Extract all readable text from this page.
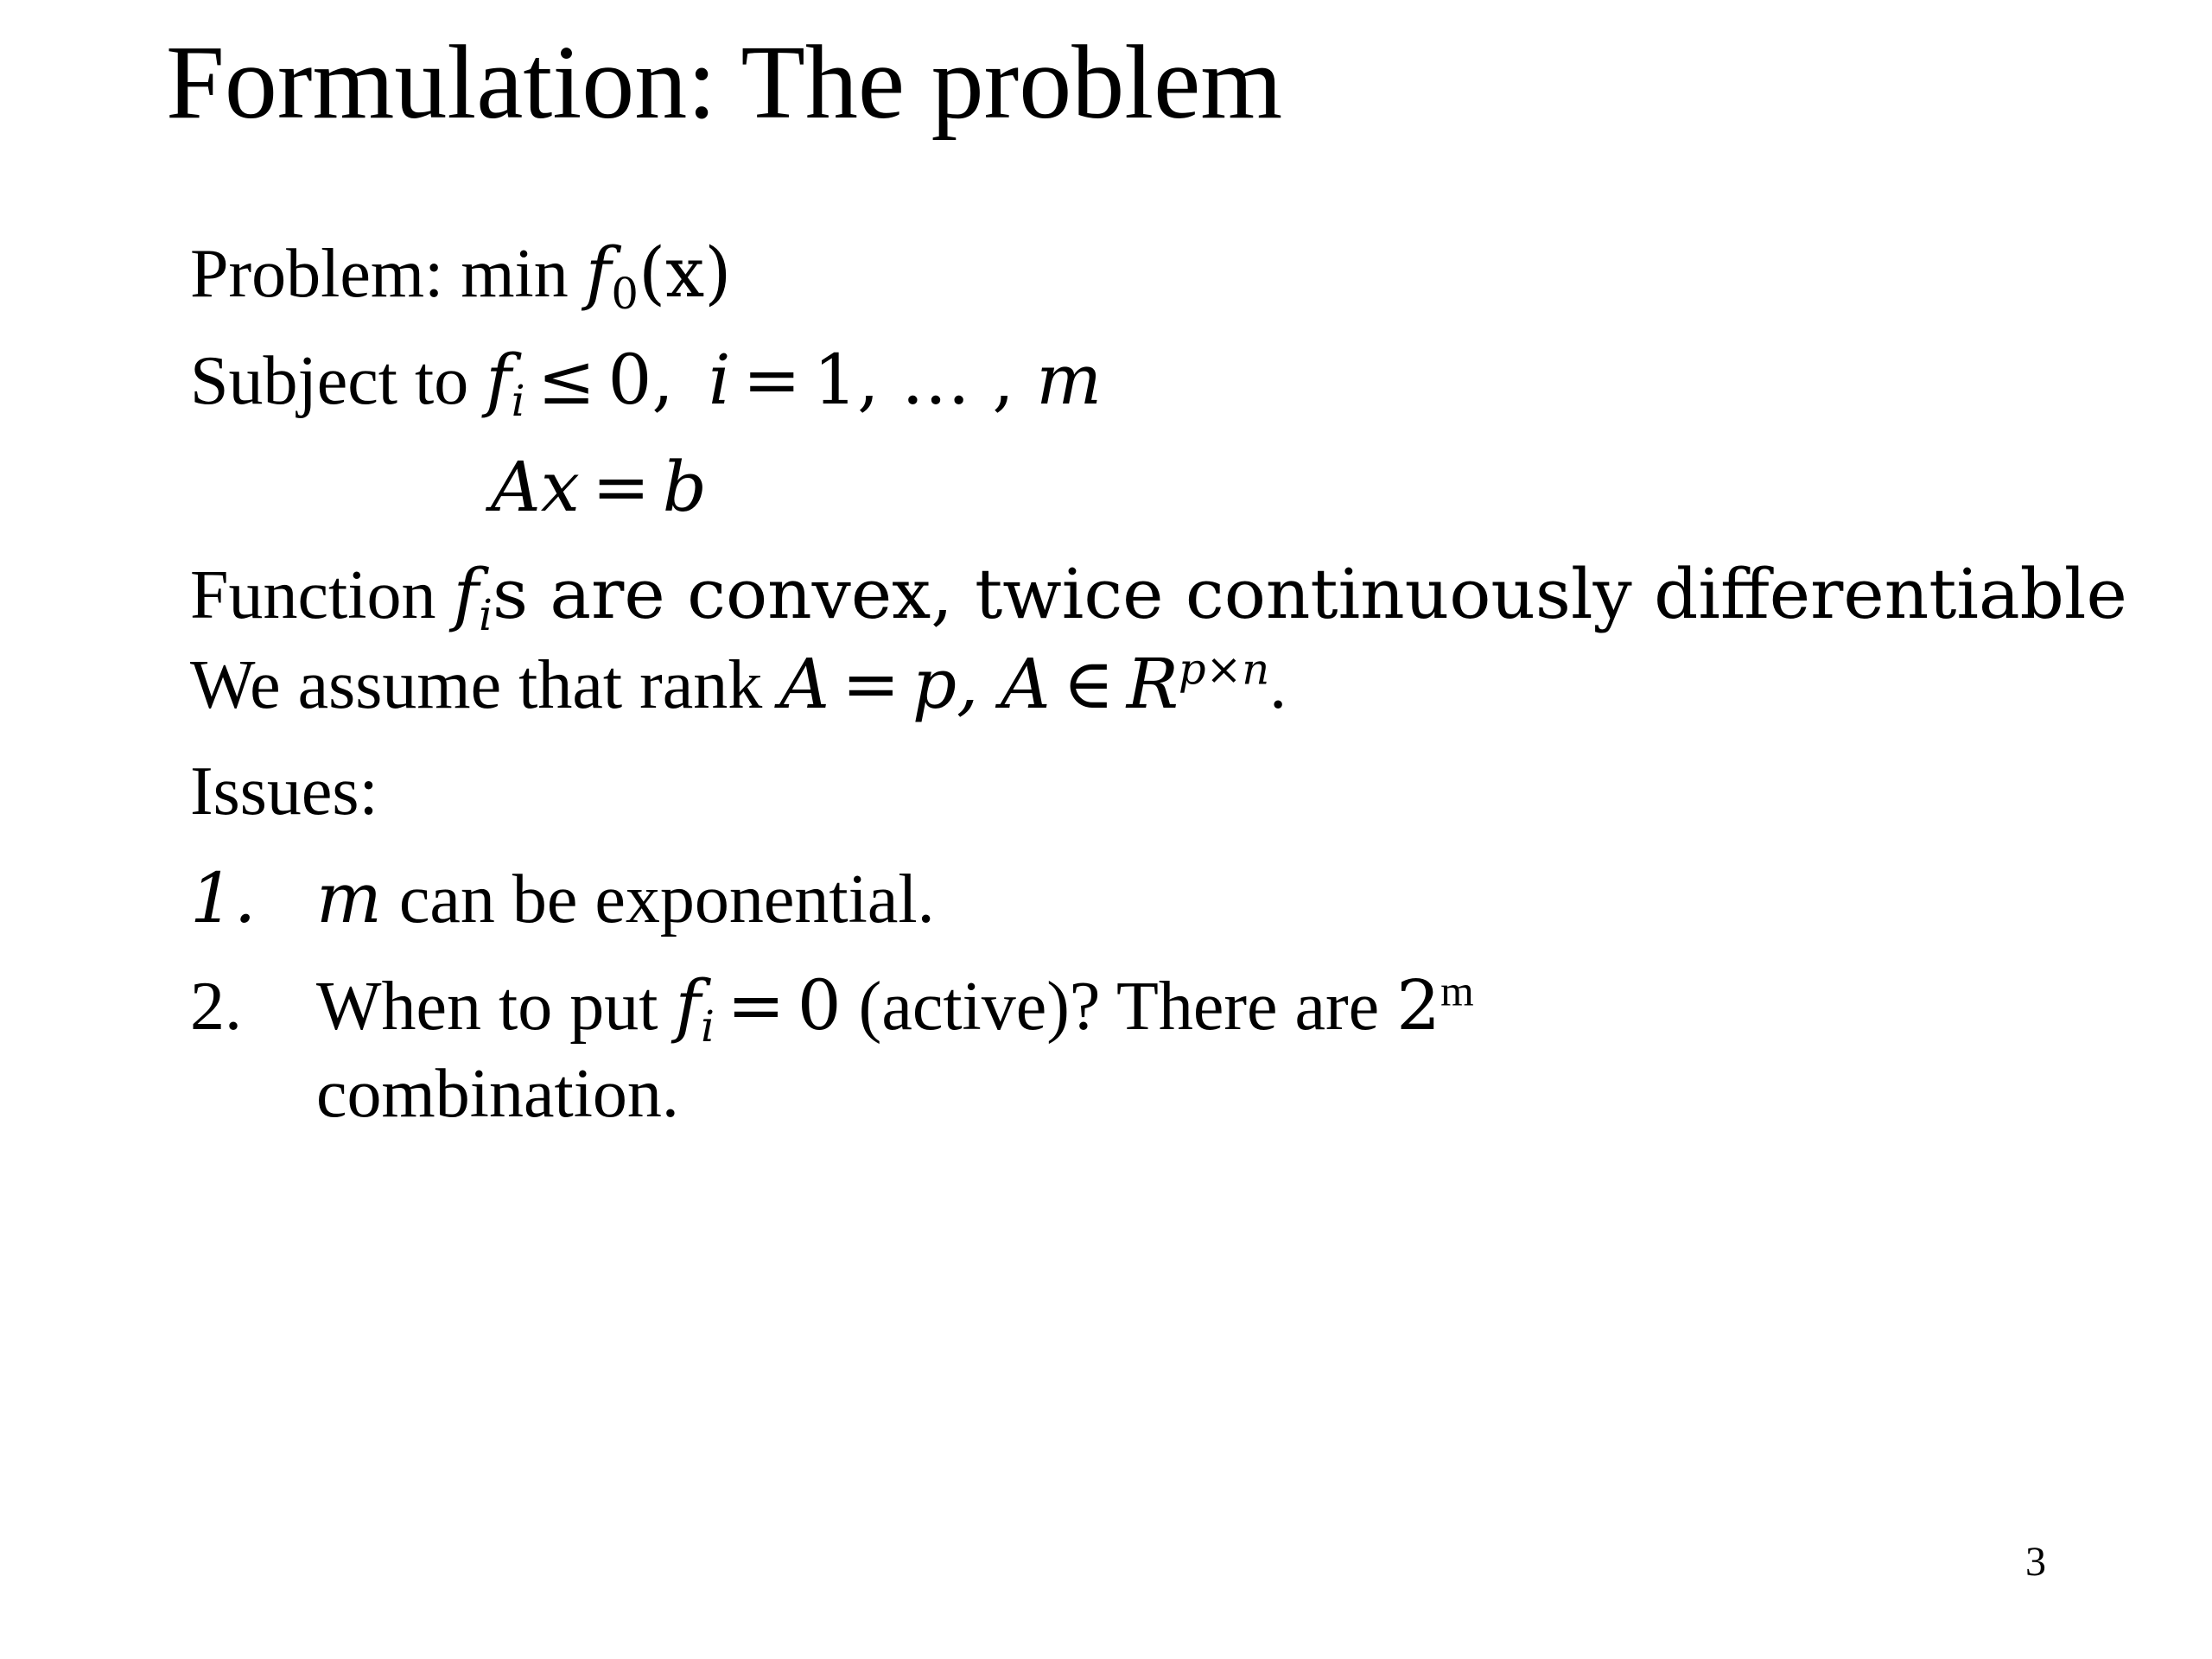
Formulation: The problem
Problem: $\min f_0(x)$
Subject to $f_i \le 0$, i = 1, … , m
Ax = b
Function $f_is$ are convex, twice continuously differentiable
We assume that rank A = p, A ∈ $R^{p\times n}$.
Issues:
1. m can be exponential.
2. When to put $f_i = 0$ (active)? There are 2$^m$
combination.
3
